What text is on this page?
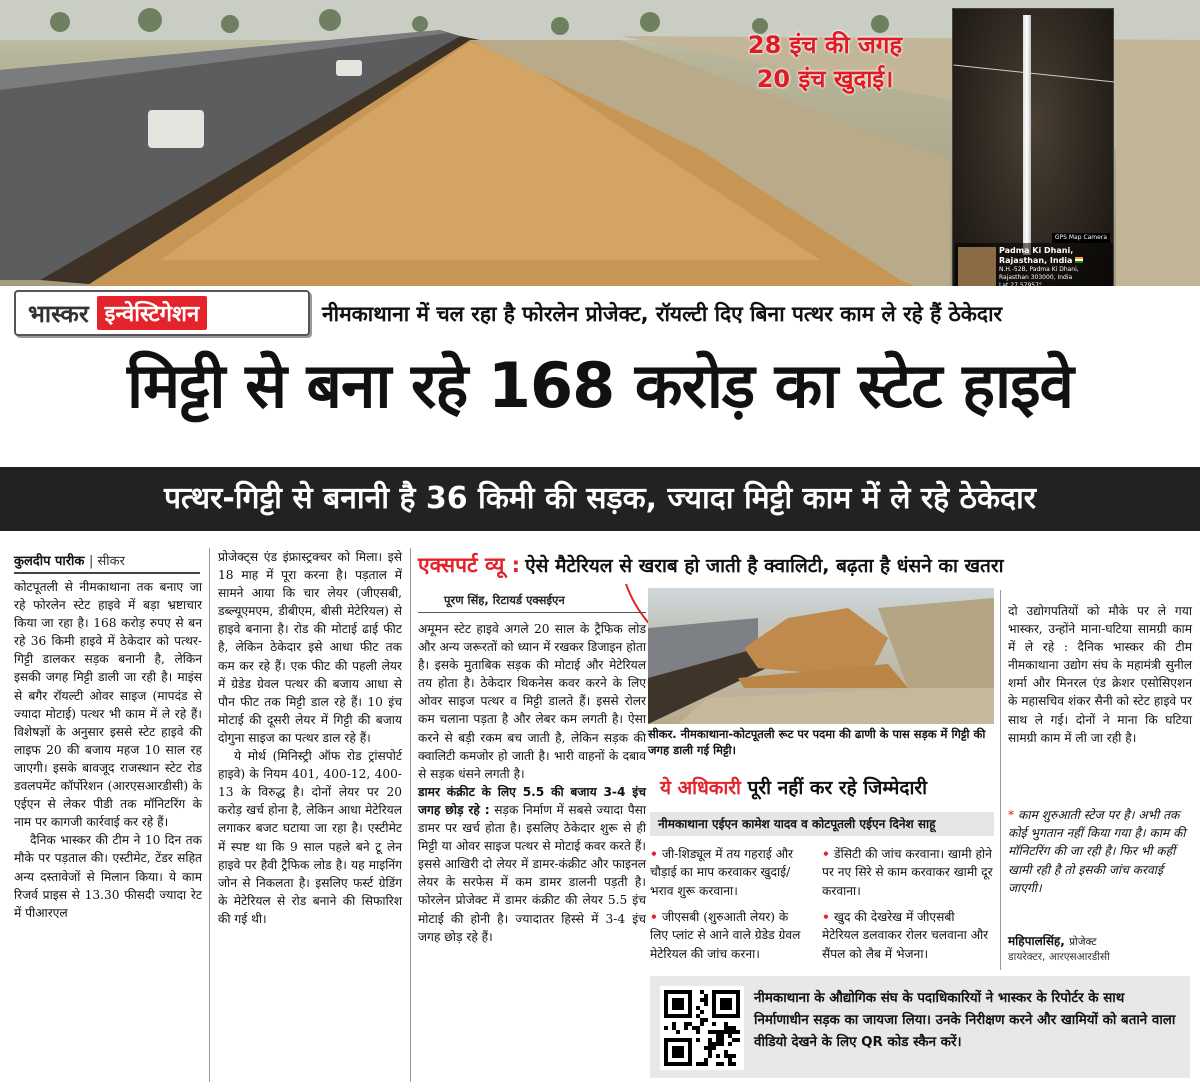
28 इंच की जगह
20 इंच खुदाई।
GPS Map Camera
Padma Ki Dhani, Rajasthan, India
N.H.-52B, Padma Ki Dhani, Rajasthan 303000, India
भास्कर इन्वेस्टिगेशन	नीमकाथाना में चल रहा है फोरलेन प्रोजेक्ट, रॉयल्टी दिए बिना पत्थर काम ले रहे हैं ठेकेदार
मिट्टी से बना रहे 168 करोड़ का स्टेट हाइवे
पत्थर-गिट्टी से बनानी है 36 किमी की सड़क, ज्यादा मिट्टी काम में ले रहे ठेकेदार
कुलदीप पारीक | सीकर

कोटपूतली से नीमकाथाना तक बनाए जा रहे फोरलेन स्टेट हाइवे में बड़ा भ्रष्टाचार किया जा रहा है। 168 करोड़ रुपए से बन रहे 36 किमी हाइवे में ठेकेदार को पत्थर-गिट्टी डालकर सड़क बनानी है, लेकिन इसकी जगह मिट्टी डाली जा रही है। माइंस से बगैर रॉयल्टी ओवर साइज (मापदंड से ज्यादा मोटाई) पत्थर भी काम में ले रहे हैं। विशेषज्ञों के अनुसार इससे स्टेट हाइवे की लाइफ 20 की बजाय महज 10 साल रह जाएगी। इसके बावजूद राजस्थान स्टेट रोड डवलपमेंट कॉर्पोरेशन (आरएसआरडीसी) के एईएन से लेकर पीडी तक मॉनिटरिंग के नाम पर कागजी कार्रवाई कर रहे हैं।

दैनिक भास्कर की टीम ने 10 दिन तक मौके पर पड़ताल की। एस्टीमेट, टेंडर सहित अन्य दस्तावेजों से मिलान किया। ये काम रिजर्व प्राइस से 13.30 फीसदी ज्यादा रेट में पीआरएल

प्रोजेक्ट्स एंड इंफ्रास्ट्रक्चर को मिला। इसे 18 माह में पूरा करना है। पड़ताल में सामने आया कि चार लेयर (जीएसबी, डब्ल्यूएमएम, डीबीएम, बीसी मेटेरियल) से हाइवे बनाना है। रोड की मोटाई ढाई फीट है, लेकिन ठेकेदार इसे आधा फीट तक कम कर रहे हैं। एक फीट की पहली लेयर में ग्रेडेड ग्रेवल पत्थर की बजाय आधा से पौन फीट तक मिट्टी डाल रहे हैं। 10 इंच मोटाई की दूसरी लेयर में गिट्टी की बजाय दोगुना साइज का पत्थर डाल रहे हैं।

ये मोर्थ (मिनिस्ट्री ऑफ रोड ट्रांसपोर्ट हाइवे) के नियम 401, 400-12, 400-13 के विरुद्ध है। दोनों लेयर पर 20 करोड़ खर्च होना है, लेकिन आधा मेटेरियल लगाकर बजट घटाया जा रहा है। एस्टीमेट में स्पष्ट था कि 9 साल पहले बने टू लेन हाइवे पर हैवी ट्रैफिक लोड है। यह माइनिंग जोन से निकलता है। इसलिए फर्स्ट ग्रेडिंग के मेटेरियल से रोड बनाने की सिफारिश की गई थी।

एक्सपर्ट व्यू : ऐसे मैटेरियल से खराब हो जाती है क्वालिटी, बढ़ता है धंसने का खतरा
पूरण सिंह, रिटायर्ड एक्सईएन

अमूमन स्टेट हाइवे अगले 20 साल के ट्रैफिक लोड और अन्य जरूरतों को ध्यान में रखकर डिजाइन होता है। इसके मुताबिक सड़क की मोटाई और मेटेरियल तय होता है। ठेकेदार थिकनेस कवर करने के लिए ओवर साइज पत्थर व मिट्टी डालते हैं। इससे रोलर कम चलाना पड़ता है और लेबर कम लगती है। ऐसा करने से बड़ी रकम बच जाती है, लेकिन सड़क की क्वालिटी कमजोर हो जाती है। भारी वाहनों के दबाव से सड़क धंसने लगती है।

डामर कंक्रीट के लिए 5.5 की बजाय 3-4 इंच जगह छोड़ रहे : सड़क निर्माण में सबसे ज्यादा पैसा डामर पर खर्च होता है। इसलिए ठेकेदार शुरू से ही मिट्टी या ओवर साइज पत्थर से मोटाई कवर करते हैं। इससे आखिरी दो लेयर में डामर-कंक्रीट और फाइनल लेयर के सरफेस में कम डामर डालनी पड़ती है। फोरलेन प्रोजेक्ट में डामर कंक्रीट की लेयर 5.5 इंच मोटाई की होनी है। ज्यादातर हिस्से में 3-4 इंच जगह छोड़ रहे हैं।

सीकर. नीमकाथाना-कोटपूतली रूट पर पदमा की ढाणी के पास सड़क में गिट्टी की जगह डाली गई मिट्टी।
ये अधिकारी पूरी नहीं कर रहे जिम्मेदारी
नीमकाथाना एईएन कामेश यादव व कोटपूतली एईएन दिनेश साहू
• जी-शिड्यूल में तय गहराई और चौड़ाई का माप करवाकर खुदाई/भराव शुरू करवाना।
• डेंसिटी की जांच करवाना। खामी होने पर नए सिरे से काम करवाकर खामी दूर करवाना।
• जीएसबी (शुरुआती लेयर) के लिए प्लांट से आने वाले ग्रेडेड ग्रेवल मेटेरियल की जांच करना।
• खुद की देखरेख में जीएसबी मेटेरियल डलवाकर रोलर चलवाना और सैंपल को लैब में भेजना।

दो उद्योगपतियों को मौके पर ले गया भास्कर, उन्होंने माना-घटिया सामग्री काम में ले रहे : दैनिक भास्कर की टीम नीमकाथाना उद्योग संघ के महामंत्री सुनील शर्मा और मिनरल एंड क्रेशर एसोसिएशन के महासचिव शंकर सैनी को स्टेट हाइवे पर साथ ले गई। दोनों ने माना कि घटिया सामग्री काम में ली जा रही है।

* काम शुरुआती स्टेज पर है। अभी तक कोई भुगतान नहीं किया गया है। काम की मॉनिटरिंग की जा रही है। फिर भी कहीं खामी रही है तो इसकी जांच करवाई जाएगी।
महिपालसिंह, प्रोजेक्ट
डायरेक्टर, आरएसआरडीसी
नीमकाथाना के औद्योगिक संघ के पदाधिकारियों ने भास्कर के रिपोर्टर के साथ निर्माणाधीन सड़क का जायजा लिया। उनके निरीक्षण करने और खामियों को बताने वाला वीडियो देखने के लिए QR कोड स्कैन करें।
